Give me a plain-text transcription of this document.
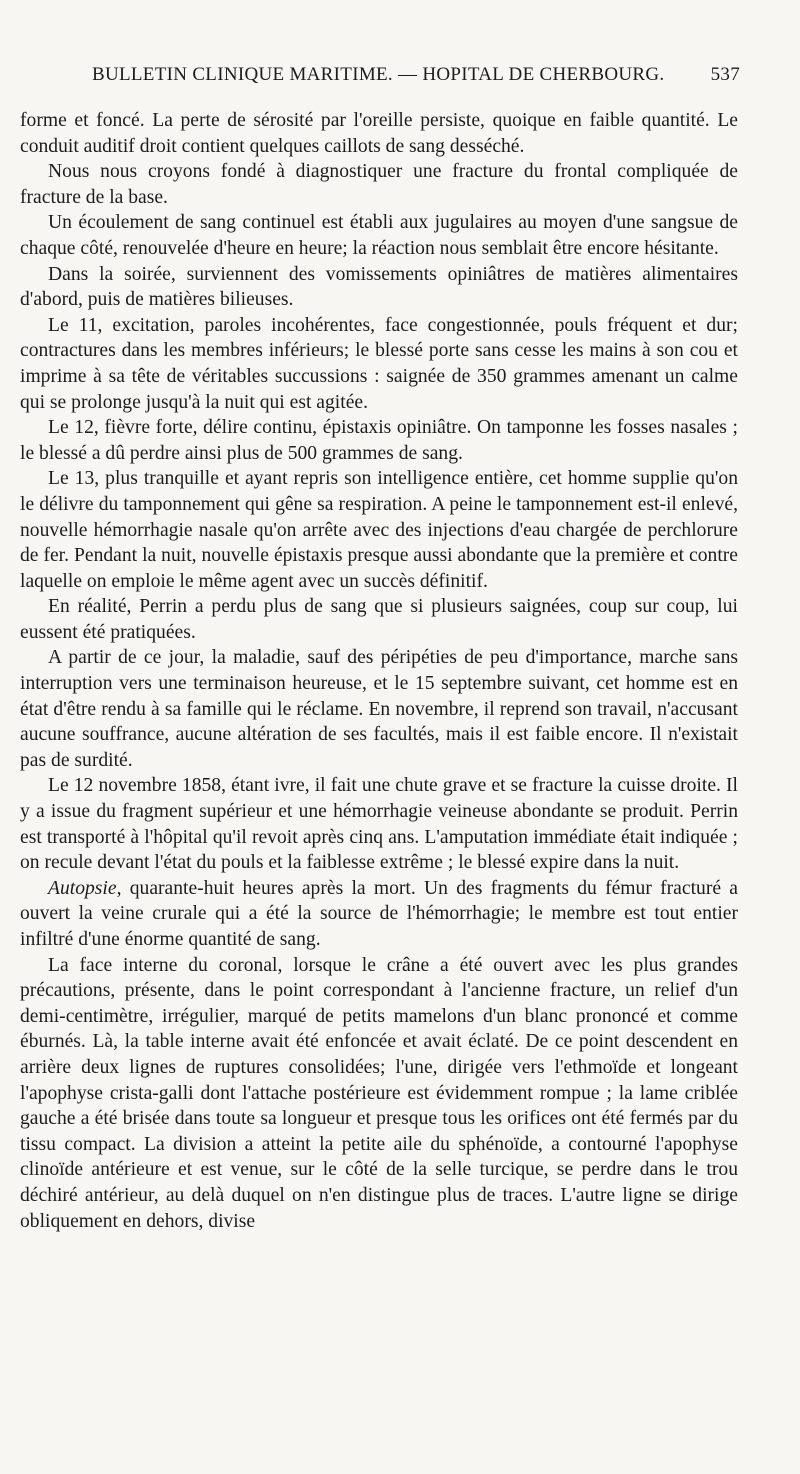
BULLETIN CLINIQUE MARITIME. — HOPITAL DE CHERBOURG. 537

forme et foncé. La perte de sérosité par l'oreille persiste, quoique en faible quantité. Le conduit auditif droit contient quelques caillots de sang desséché.

Nous nous croyons fondé à diagnostiquer une fracture du frontal compliquée de fracture de la base.

Un écoulement de sang continuel est établi aux jugulaires au moyen d'une sangsue de chaque côté, renouvelée d'heure en heure; la réaction nous semblait être encore hésitante.

Dans la soirée, surviennent des vomissements opiniâtres de matières alimentaires d'abord, puis de matières bilieuses.

Le 11, excitation, paroles incohérentes, face congestionnée, pouls fréquent et dur; contractures dans les membres inférieurs; le blessé porte sans cesse les mains à son cou et imprime à sa tête de véritables succussions : saignée de 350 grammes amenant un calme qui se prolonge jusqu'à la nuit qui est agitée.

Le 12, fièvre forte, délire continu, épistaxis opiniâtre. On tamponne les fosses nasales ; le blessé a dû perdre ainsi plus de 500 grammes de sang.

Le 13, plus tranquille et ayant repris son intelligence entière, cet homme supplie qu'on le délivre du tamponnement qui gêne sa respiration. A peine le tamponnement est-il enlevé, nouvelle hémorrhagie nasale qu'on arrête avec des injections d'eau chargée de perchlorure de fer. Pendant la nuit, nouvelle épistaxis presque aussi abondante que la première et contre laquelle on emploie le même agent avec un succès définitif.

En réalité, Perrin a perdu plus de sang que si plusieurs saignées, coup sur coup, lui eussent été pratiquées.

A partir de ce jour, la maladie, sauf des péripéties de peu d'importance, marche sans interruption vers une terminaison heureuse, et le 15 septembre suivant, cet homme est en état d'être rendu à sa famille qui le réclame. En novembre, il reprend son travail, n'accusant aucune souffrance, aucune altération de ses facultés, mais il est faible encore. Il n'existait pas de surdité.

Le 12 novembre 1858, étant ivre, il fait une chute grave et se fracture la cuisse droite. Il y a issue du fragment supérieur et une hémorrhagie veineuse abondante se produit. Perrin est transporté à l'hôpital qu'il revoit après cinq ans. L'amputation immédiate était indiquée ; on recule devant l'état du pouls et la faiblesse extrême ; le blessé expire dans la nuit.

Autopsie, quarante-huit heures après la mort. Un des fragments du fémur fracturé a ouvert la veine crurale qui a été la source de l'hémorrhagie; le membre est tout entier infiltré d'une énorme quantité de sang.

La face interne du coronal, lorsque le crâne a été ouvert avec les plus grandes précautions, présente, dans le point correspondant à l'ancienne fracture, un relief d'un demi-centimètre, irrégulier, marqué de petits mamelons d'un blanc prononcé et comme éburnés. Là, la table interne avait été enfoncée et avait éclaté. De ce point descendent en arrière deux lignes de ruptures consolidées; l'une, dirigée vers l'ethmoïde et longeant l'apophyse crista-galli dont l'attache postérieure est évidemment rompue ; la lame criblée gauche a été brisée dans toute sa longueur et presque tous les orifices ont été fermés par du tissu compact. La division a atteint la petite aile du sphénoïde, a contourné l'apophyse clinoïde antérieure et est venue, sur le côté de la selle turcique, se perdre dans le trou déchiré antérieur, au delà duquel on n'en distingue plus de traces. L'autre ligne se dirige obliquement en dehors, divise
